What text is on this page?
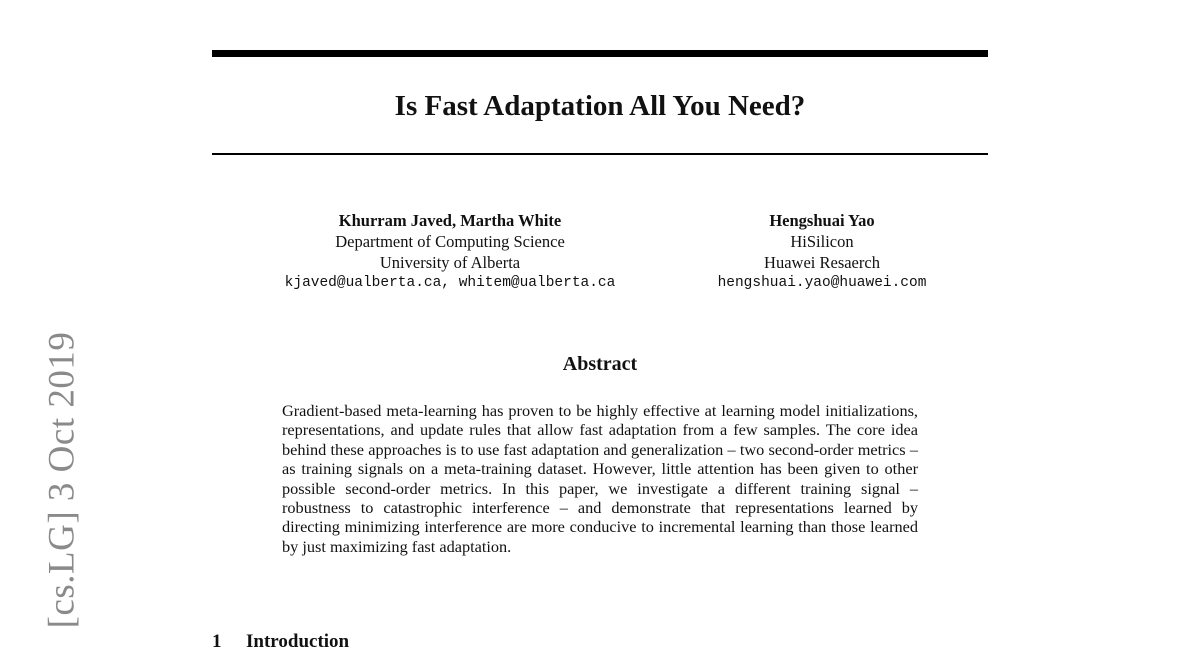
Is Fast Adaptation All You Need?
Khurram Javed, Martha White
Department of Computing Science
University of Alberta
kjaved@ualberta.ca, whitem@ualberta.ca
Hengshuai Yao
HiSilicon
Huawei Resaerch
hengshuai.yao@huawei.com
[cs.LG] 3 Oct 2019	Abstract
Gradient-based meta-learning has proven to be highly effective at learning model initializations, representations, and update rules that allow fast adaptation from a few samples. The core idea behind these approaches is to use fast adaptation and generalization – two second-order metrics – as training signals on a meta-training dataset. However, little attention has been given to other possible second-order metrics. In this paper, we investigate a different training signal – robustness to catastrophic interference – and demonstrate that representations learned by directing minimizing interference are more conducive to incremental learning than those learned by just maximizing fast adaptation.
1 Introduction
